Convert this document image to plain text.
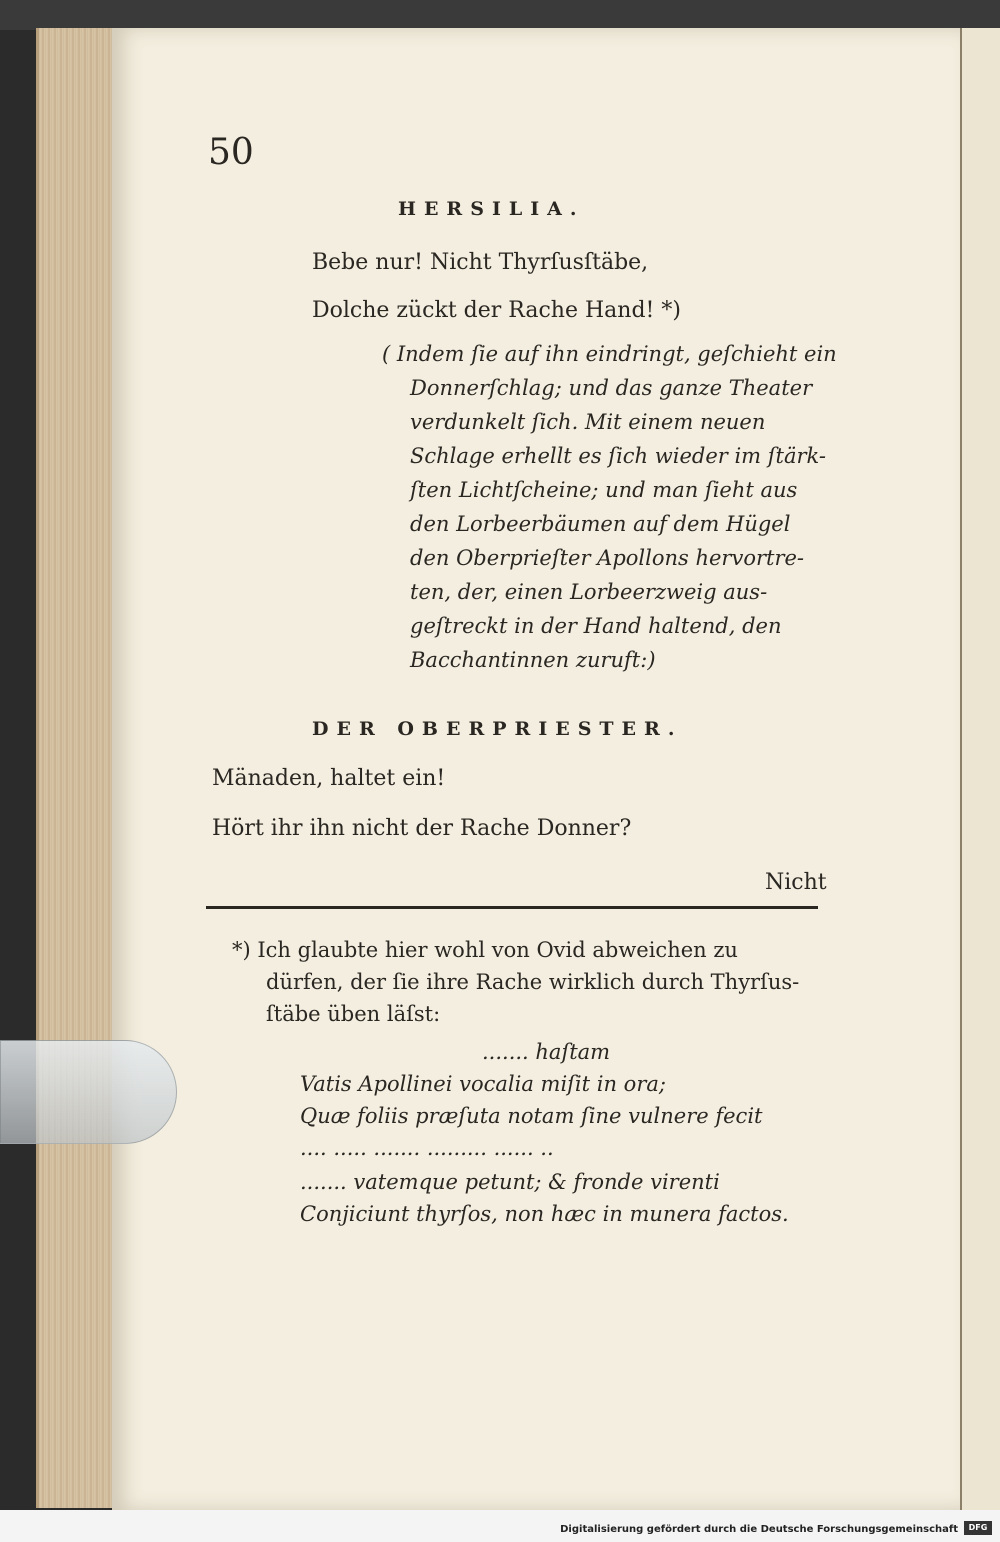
50
HERSILIA.
Bebe nur! Nicht Thyrſusſtäbe,
Dolche zückt der Rache Hand! *)
( Indem ſie auf ihn eindringt, geſchieht ein
Donnerſchlag; und das ganze Theater
verdunkelt ſich. Mit einem neuen
Schlage erhellt es ſich wieder im ſtärk-
ſten Lichtſcheine; und man ſieht aus
den Lorbeerbäumen auf dem Hügel
den Oberprieſter Apollons hervortre-
ten, der, einen Lorbeerzweig aus-
geſtreckt in der Hand haltend, den
Bacchantinnen zuruft:)
DER OBERPRIESTER.
Mänaden, haltet ein!
Hört ihr ihn nicht der Rache Donner?
Nicht
*) Ich glaubte hier wohl von Ovid abweichen zu
dürfen, der ſie ihre Rache wirklich durch Thyrſus-
ſtäbe üben läſst:
....... haſtam
Vatis Apollinei vocalia miſit in ora;
Quæ foliis præſuta notam ſine vulnere fecit
.... ..... ....... ......... ...... ..
....... vatemque petunt; & fronde virenti
Conjiciunt thyrſos, non hæc in munera factos.
Digitalisierung gefördert durch die Deutsche Forschungsgemeinschaft	DFG
